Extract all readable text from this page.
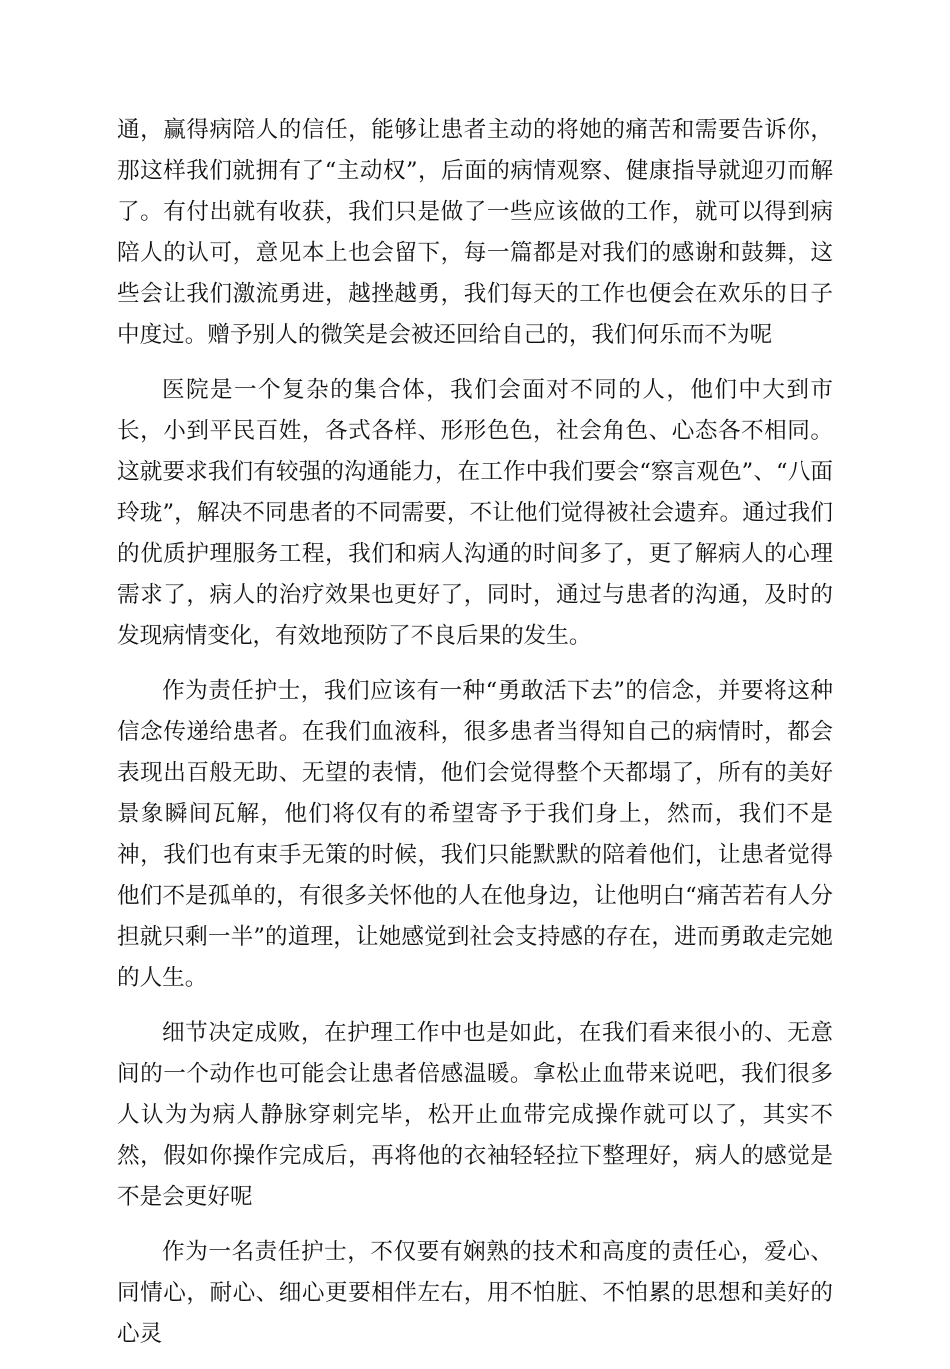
通，赢得病陪人的信任，能够让患者主动的将她的痛苦和需要告诉你，那这样我们就拥有了“主动权”，后面的病情观察、健康指导就迎刃而解了。有付出就有收获，我们只是做了一些应该做的工作，就可以得到病陪人的认可，意见本上也会留下，每一篇都是对我们的感谢和鼓舞，这些会让我们激流勇进，越挫越勇，我们每天的工作也便会在欢乐的日子中度过。赠予别人的微笑是会被还回给自己的，我们何乐而不为呢

医院是一个复杂的集合体，我们会面对不同的人，他们中大到市长，小到平民百姓，各式各样、形形色色，社会角色、心态各不相同。这就要求我们有较强的沟通能力，在工作中我们要会“察言观色”、“八面玲珑”，解决不同患者的不同需要，不让他们觉得被社会遗弃。通过我们的优质护理服务工程，我们和病人沟通的时间多了，更了解病人的心理需求了，病人的治疗效果也更好了，同时，通过与患者的沟通，及时的发现病情变化，有效地预防了不良后果的发生。

作为责任护士，我们应该有一种“勇敢活下去”的信念，并要将这种信念传递给患者。在我们血液科，很多患者当得知自己的病情时，都会表现出百般无助、无望的表情，他们会觉得整个天都塌了，所有的美好景象瞬间瓦解，他们将仅有的希望寄予于我们身上，然而，我们不是神，我们也有束手无策的时候，我们只能默默的陪着他们，让患者觉得他们不是孤单的，有很多关怀他的人在他身边，让他明白“痛苦若有人分担就只剩一半”的道理，让她感觉到社会支持感的存在，进而勇敢走完她的人生。

细节决定成败，在护理工作中也是如此，在我们看来很小的、无意间的一个动作也可能会让患者倍感温暖。拿松止血带来说吧，我们很多人认为为病人静脉穿刺完毕，松开止血带完成操作就可以了，其实不然，假如你操作完成后，再将他的衣袖轻轻拉下整理好，病人的感觉是不是会更好呢

作为一名责任护士，不仅要有娴熟的技术和高度的责任心，爱心、同情心，耐心、细心更要相伴左右，用不怕脏、不怕累的思想和美好的心灵
